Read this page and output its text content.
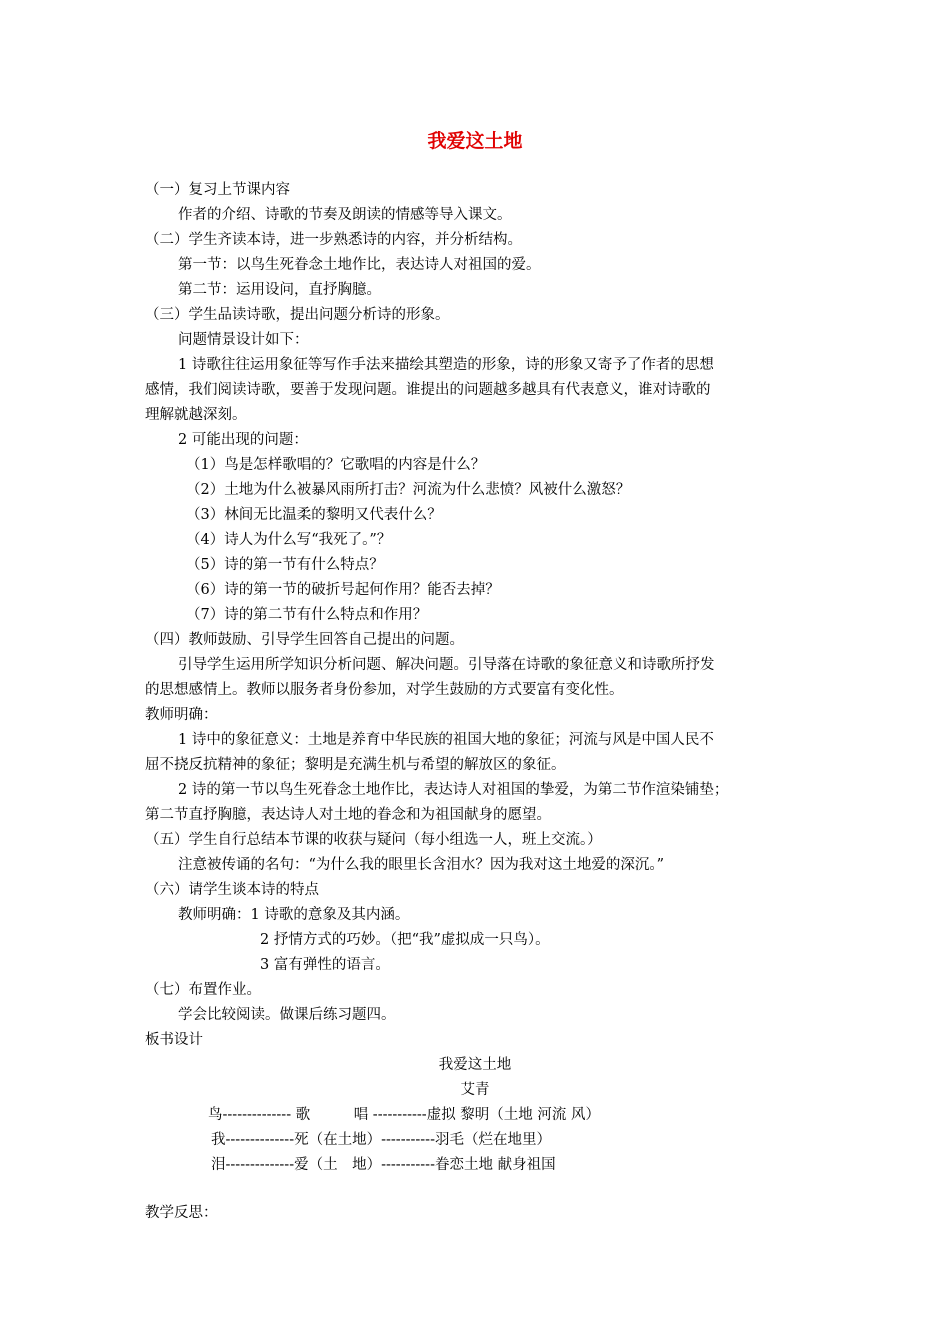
我爱这土地
（一）复习上节课内容
作者的介绍、诗歌的节奏及朗读的情感等导入课文。
（二）学生齐读本诗，进一步熟悉诗的内容，并分析结构。
第一节：以鸟生死眷念土地作比，表达诗人对祖国的爱。
第二节：运用设问，直抒胸臆。
（三）学生品读诗歌，提出问题分析诗的形象。
问题情景设计如下：
1 诗歌往往运用象征等写作手法来描绘其塑造的形象，诗的形象又寄予了作者的思想
感情，我们阅读诗歌，要善于发现问题。谁提出的问题越多越具有代表意义，谁对诗歌的
理解就越深刻。
2 可能出现的问题：
（1）鸟是怎样歌唱的？它歌唱的内容是什么？
（2）土地为什么被暴风雨所打击？河流为什么悲愤？风被什么激怒？
（3）林间无比温柔的黎明又代表什么？
（4）诗人为什么写“我死了。”？
（5）诗的第一节有什么特点？
（6）诗的第一节的破折号起何作用？能否去掉？
（7）诗的第二节有什么特点和作用？
（四）教师鼓励、引导学生回答自己提出的问题。
引导学生运用所学知识分析问题、解决问题。引导落在诗歌的象征意义和诗歌所抒发
的思想感情上。教师以服务者身份参加，对学生鼓励的方式要富有变化性。
教师明确：
1 诗中的象征意义：土地是养育中华民族的祖国大地的象征；河流与风是中国人民不
屈不挠反抗精神的象征；黎明是充满生机与希望的解放区的象征。
2 诗的第一节以鸟生死眷念土地作比，表达诗人对祖国的挚爱，为第二节作渲染铺垫；
第二节直抒胸臆，表达诗人对土地的眷念和为祖国献身的愿望。
（五）学生自行总结本节课的收获与疑问（每小组选一人，班上交流。）
注意被传诵的名句：“为什么我的眼里长含泪水？因为我对这土地爱的深沉。”
（六）请学生谈本诗的特点
教师明确：1 诗歌的意象及其内涵。
2 抒情方式的巧妙。（把“我”虚拟成一只鸟）。
3 富有弹性的语言。
（七）布置作业。
学会比较阅读。做课后练习题四。
板书设计
我爱这土地
艾青
鸟-------------- 歌　　　唱 -----------虚拟 黎明（土地 河流 风）
我--------------死（在土地）-----------羽毛（烂在地里）
泪--------------爱（土　地）-----------眷恋土地 献身祖国
教学反思：
